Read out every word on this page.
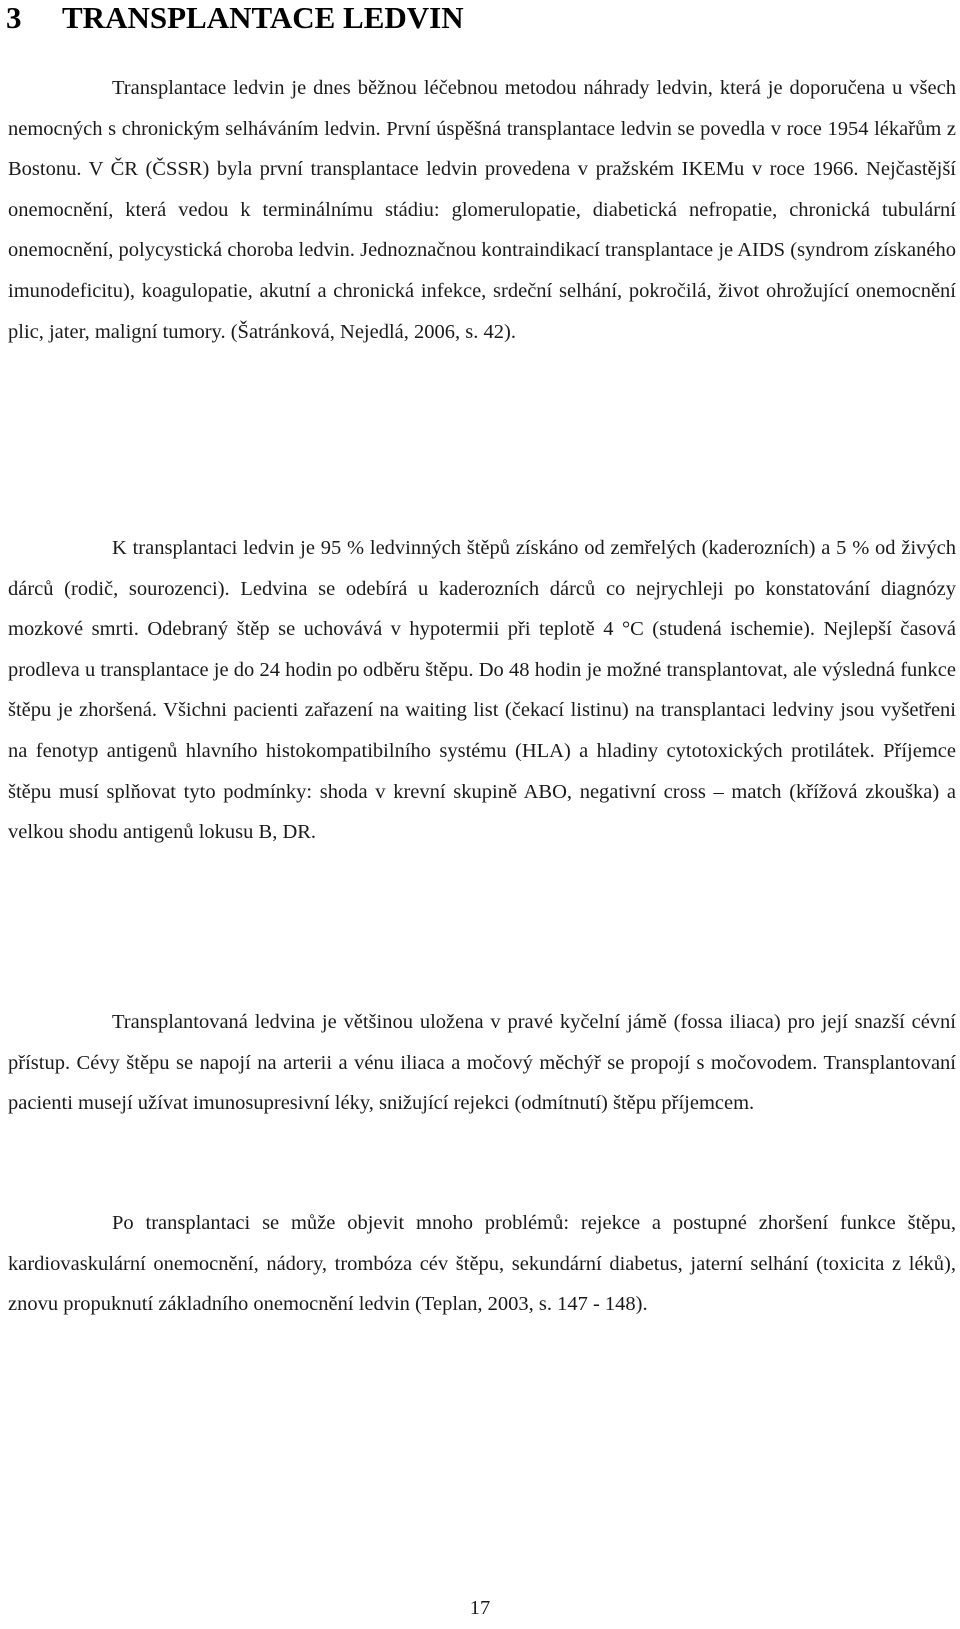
3 TRANSPLANTACE LEDVIN

Transplantace ledvin je dnes běžnou léčebnou metodou náhrady ledvin, která je doporučena u všech nemocných s chronickým selháváním ledvin. První úspěšná transplantace ledvin se povedla v roce 1954 lékařům z Bostonu. V ČR (ČSSR) byla první transplantace ledvin provedena v pražském IKEMu v roce 1966. Nejčastější onemocnění, která vedou k terminálnímu stádiu: glomerulopatie, diabetická nefropatie, chronická tubulární onemocnění, polycystická choroba ledvin. Jednoznačnou kontraindikací transplantace je AIDS (syndrom získaného imunodeficitu), koagulopatie, akutní a chronická infekce, srdeční selhání, pokročilá, život ohrožující onemocnění plic, jater, maligní tumory. (Šatránková, Nejedlá, 2006, s. 42).

K transplantaci ledvin je 95 % ledvinných štěpů získáno od zemřelých (kaderozních) a 5 % od živých dárců (rodič, sourozenci). Ledvina se odebírá u kaderozních dárců co nejrychleji po konstatování diagnózy mozkové smrti. Odebraný štěp se uchovává v hypotermii při teplotě 4 °C (studená ischemie). Nejlepší časová prodleva u transplantace je do 24 hodin po odběru štěpu. Do 48 hodin je možné transplantovat, ale výsledná funkce štěpu je zhoršená. Všichni pacienti zařazení na waiting list (čekací listinu) na transplantaci ledviny jsou vyšetřeni na fenotyp antigenů hlavního histokompatibilního systému (HLA) a hladiny cytotoxických protilátek. Příjemce štěpu musí splňovat tyto podmínky: shoda v krevní skupině ABO, negativní cross – match (křížová zkouška) a velkou shodu antigenů lokusu B, DR.

Transplantovaná ledvina je většinou uložena v pravé kyčelní jámě (fossa iliaca) pro její snazší cévní přístup. Cévy štěpu se napojí na arterii a vénu iliaca a močový měchýř se propojí s močovodem. Transplantovaní pacienti musejí užívat imunosupresivní léky, snižující rejekci (odmítnutí) štěpu příjemcem.

Po transplantaci se může objevit mnoho problémů: rejekce a postupné zhoršení funkce štěpu, kardiovaskulární onemocnění, nádory, trombóza cév štěpu, sekundární diabetus, jaterní selhání (toxicita z léků), znovu propuknutí základního onemocnění ledvin (Teplan, 2003, s. 147 - 148).

17
